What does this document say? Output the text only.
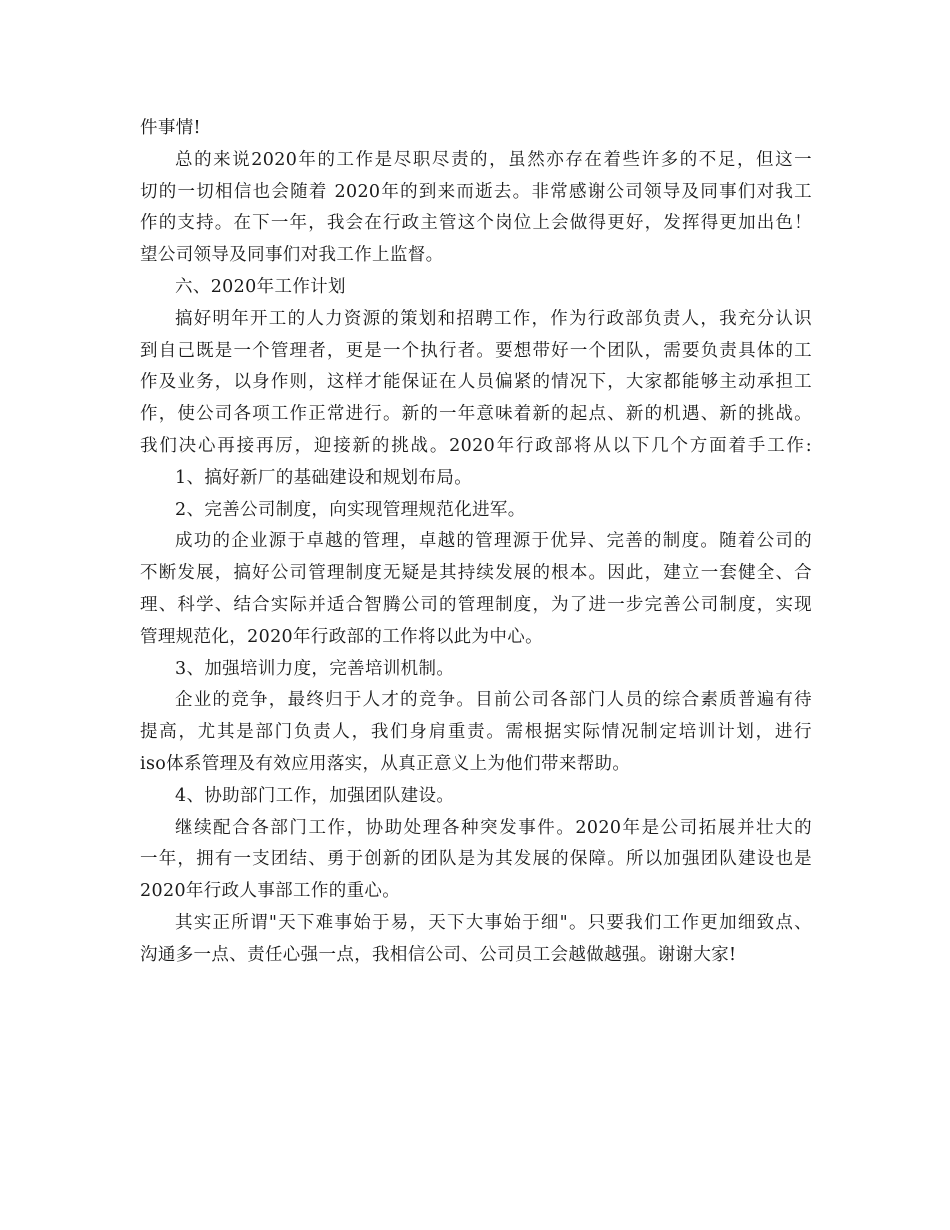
件事情!
总的来说2020年的工作是尽职尽责的，虽然亦存在着些许多的不足，但这一
切的一切相信也会随着 2020年的到来而逝去。非常感谢公司领导及同事们对我工
作的支持。在下一年，我会在行政主管这个岗位上会做得更好，发挥得更加出色！
望公司领导及同事们对我工作上监督。
六、2020年工作计划
搞好明年开工的人力资源的策划和招聘工作，作为行政部负责人，我充分认识
到自己既是一个管理者，更是一个执行者。要想带好一个团队，需要负责具体的工
作及业务，以身作则，这样才能保证在人员偏紧的情况下，大家都能够主动承担工
作，使公司各项工作正常进行。新的一年意味着新的起点、新的机遇、新的挑战。
我们决心再接再厉，迎接新的挑战。2020年行政部将从以下几个方面着手工作:
1、搞好新厂的基础建设和规划布局。
2、完善公司制度，向实现管理规范化进军。
成功的企业源于卓越的管理，卓越的管理源于优异、完善的制度。随着公司的
不断发展，搞好公司管理制度无疑是其持续发展的根本。因此，建立一套健全、合
理、科学、结合实际并适合智腾公司的管理制度，为了进一步完善公司制度，实现
管理规范化，2020年行政部的工作将以此为中心。
3、加强培训力度，完善培训机制。
企业的竞争，最终归于人才的竞争。目前公司各部门人员的综合素质普遍有待
提高，尤其是部门负责人，我们身肩重责。需根据实际情况制定培训计划，进行
iso体系管理及有效应用落实，从真正意义上为他们带来帮助。
4、协助部门工作，加强团队建设。
继续配合各部门工作，协助处理各种突发事件。2020年是公司拓展并壮大的
一年，拥有一支团结、勇于创新的团队是为其发展的保障。所以加强团队建设也是
2020年行政人事部工作的重心。
其实正所谓"天下难事始于易，天下大事始于细"。只要我们工作更加细致点、
沟通多一点、责任心强一点，我相信公司、公司员工会越做越强。谢谢大家!
